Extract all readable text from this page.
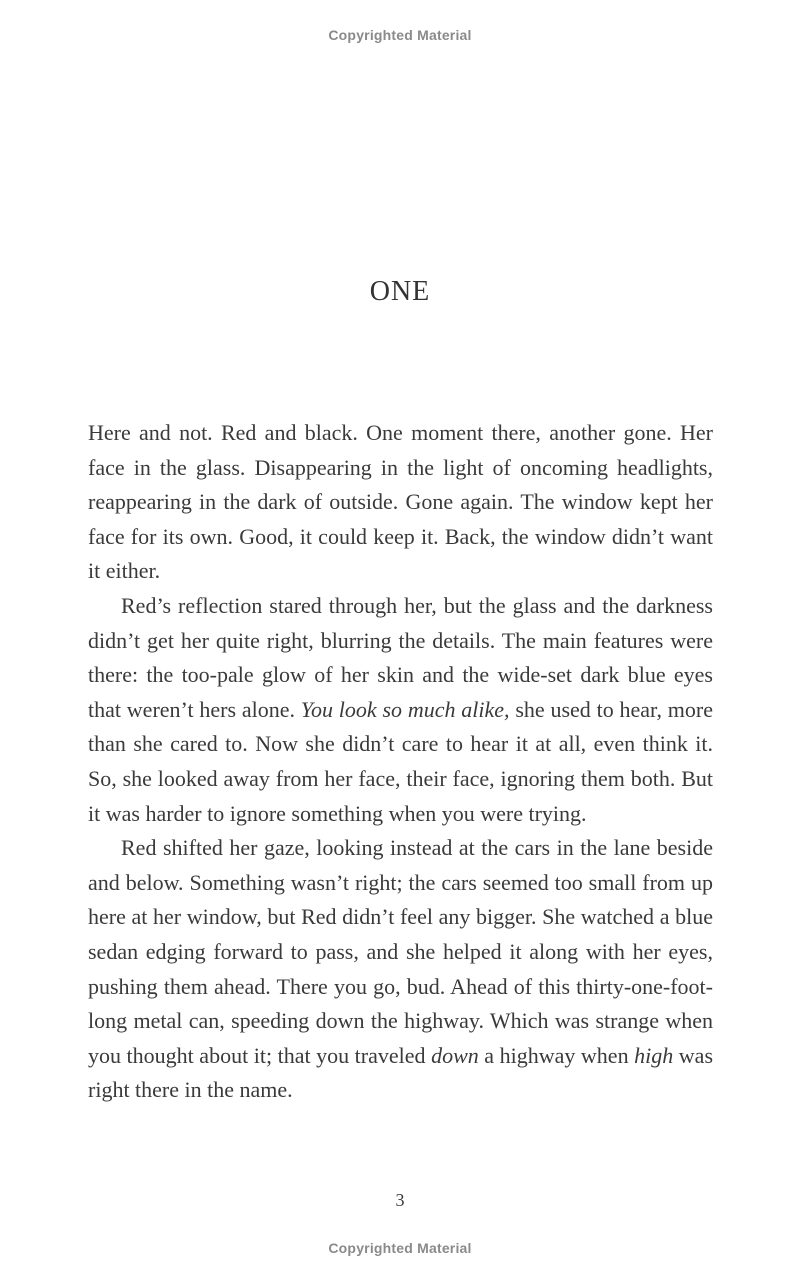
Copyrighted Material
ONE

Here and not. Red and black. One moment there, another gone. Her face in the glass. Disappearing in the light of oncoming headlights, reappearing in the dark of outside. Gone again. The window kept her face for its own. Good, it could keep it. Back, the window didn’t want it either.

Red’s reflection stared through her, but the glass and the darkness didn’t get her quite right, blurring the details. The main features were there: the too-pale glow of her skin and the wide-set dark blue eyes that weren’t hers alone. You look so much alike, she used to hear, more than she cared to. Now she didn’t care to hear it at all, even think it. So, she looked away from her face, their face, ignoring them both. But it was harder to ignore something when you were trying.

Red shifted her gaze, looking instead at the cars in the lane beside and below. Something wasn’t right; the cars seemed too small from up here at her window, but Red didn’t feel any bigger. She watched a blue sedan edging forward to pass, and she helped it along with her eyes, pushing them ahead. There you go, bud. Ahead of this thirty-one-foot-long metal can, speeding down the highway. Which was strange when you thought about it; that you traveled down a highway when high was right there in the name.

3
Copyrighted Material
